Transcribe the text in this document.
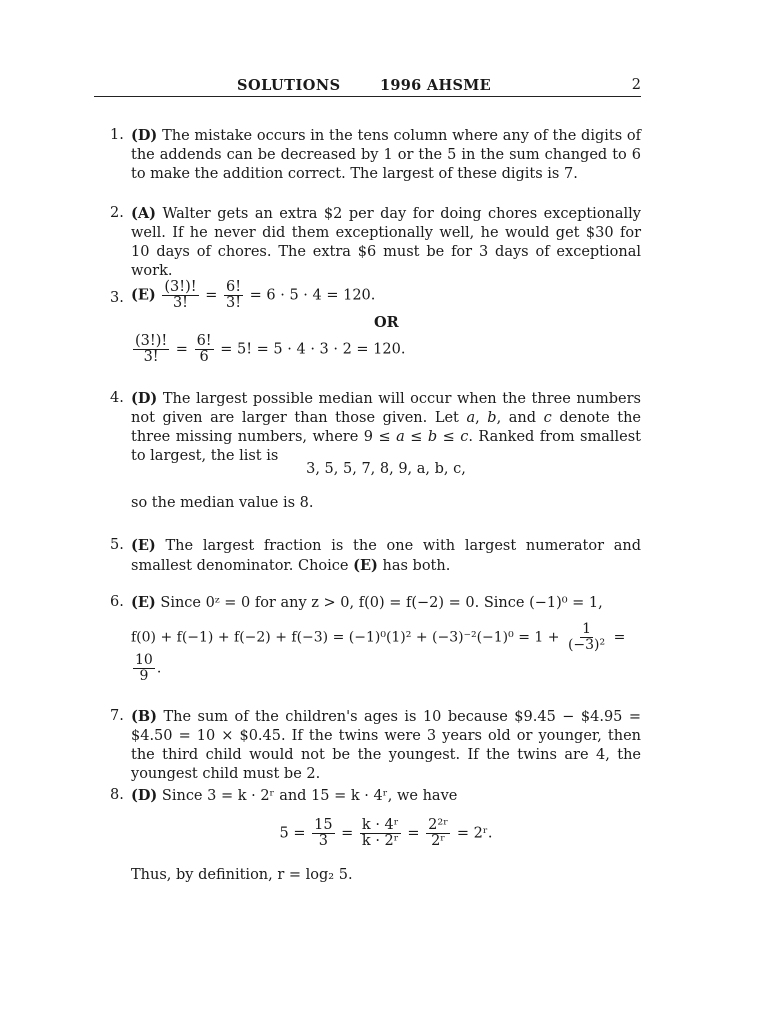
SOLUTIONS	1996 AHSME	2
1. (D) The mistake occurs in the tens column where any of the digits of the addends can be decreased by 1 or the 5 in the sum changed to 6 to make the addition correct. The largest of these digits is 7.
2. (A) Walter gets an extra $2 per day for doing chores exceptionally well. If he never did them exceptionally well, he would get $30 for 10 days of chores. The extra $6 must be for 3 days of exceptional work.
3. $(E) \frac{(3!)!}{3!} = \frac{6!}{3!} = 6 \cdot 5 \cdot 4 = 120$.
OR
$\frac{(3!)!}{3!} = \frac{6!}{6} = 5$! = 5 · 4 · 3 · 2 = 120.
4. (D) The largest possible median will occur when the three numbers not given are larger than those given. Let a, b, and c denote the three missing numbers, where 9 ≤ a ≤ b ≤ c. Ranked from smallest to largest, the list is
3, 5, 5, 7, 8, 9, a, b, c,
so the median value is 8.
5. (E) The largest fraction is the one with largest numerator and smallest denominator. Choice (E) has both.
6. (E) Since 0ᶻ = 0 for any z > 0, f(0) = f(−2) = 0. Since (−1)⁰ = 1,
$f(0) + f(-1) + f(-2) + f(-3) = (-1)^0(1)^2 + (-3)^{-2}(-1)^0 = 1 + \frac{1}{\text{(−3)²}}$ =
$\frac{10}{9}$ .
7. (B) The sum of the children's ages is 10 because $9.45 − $4.95 = $4.50 = 10 × $0.45. If the twins were 3 years old or younger, then the third child would not be the youngest. If the twins are 4, the youngest child must be 2.
8. (D) Since 3 = k · 2ʳ and 15 = k · 4ʳ, we have
$5 = \frac{15}{3} = \frac{\text{k · 4ʳ}}{\text{k · 2ʳ}} = \frac{\text{2²ʳ}}{\text{2ʳ}}$ = 2ʳ.
Thus, by definition, r = log₂ 5.
